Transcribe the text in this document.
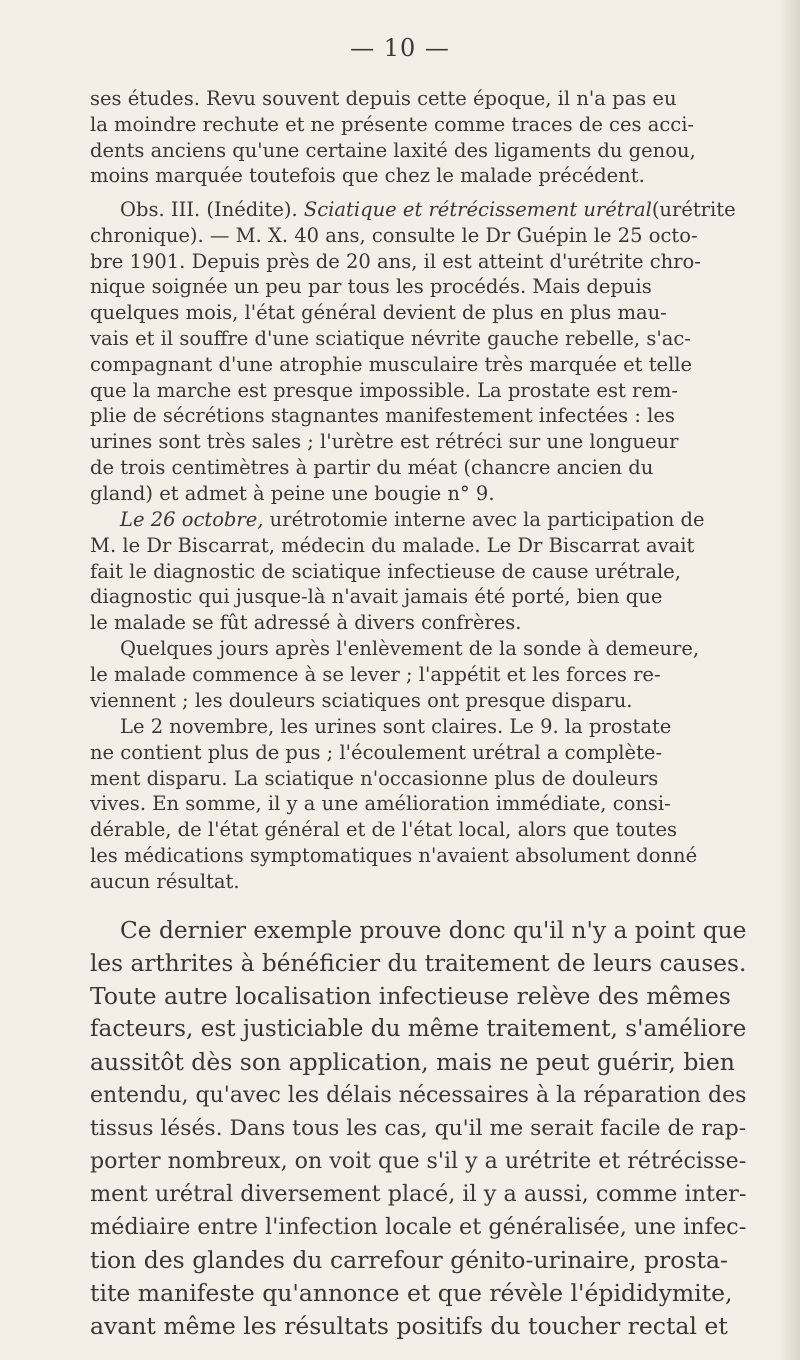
— 10 —
ses études. Revu souvent depuis cette époque, il n'a pas eu
la moindre rechute et ne présente comme traces de ces acci-
dents anciens qu'une certaine laxité des ligaments du genou,
moins marquée toutefois que chez le malade précédent.
Obs. III. (Inédite). Sciatique et rétrécissement urétral(urétrite
chronique). — M. X. 40 ans, consulte le Dr Guépin le 25 octo-
bre 1901. Depuis près de 20 ans, il est atteint d'urétrite chro-
nique soignée un peu par tous les procédés. Mais depuis
quelques mois, l'état général devient de plus en plus mau-
vais et il souffre d'une sciatique névrite gauche rebelle, s'ac-
compagnant d'une atrophie musculaire très marquée et telle
que la marche est presque impossible. La prostate est rem-
plie de sécrétions stagnantes manifestement infectées : les
urines sont très sales ; l'urètre est rétréci sur une longueur
de trois centimètres à partir du méat (chancre ancien du
gland) et admet à peine une bougie n° 9.
Le 26 octobre, urétrotomie interne avec la participation de
M. le Dr Biscarrat, médecin du malade. Le Dr Biscarrat avait
fait le diagnostic de sciatique infectieuse de cause urétrale,
diagnostic qui jusque-là n'avait jamais été porté, bien que
le malade se fût adressé à divers confrères.
Quelques jours après l'enlèvement de la sonde à demeure,
le malade commence à se lever ; l'appétit et les forces re-
viennent ; les douleurs sciatiques ont presque disparu.
Le 2 novembre, les urines sont claires. Le 9. la prostate
ne contient plus de pus ; l'écoulement urétral a complète-
ment disparu. La sciatique n'occasionne plus de douleurs
vives. En somme, il y a une amélioration immédiate, consi-
dérable, de l'état général et de l'état local, alors que toutes
les médications symptomatiques n'avaient absolument donné
aucun résultat.
Ce dernier exemple prouve donc qu'il n'y a point que
les arthrites à bénéficier du traitement de leurs causes.
Toute autre localisation infectieuse relève des mêmes
facteurs, est justiciable du même traitement, s'améliore
aussitôt dès son application, mais ne peut guérir, bien
entendu, qu'avec les délais nécessaires à la réparation des
tissus lésés. Dans tous les cas, qu'il me serait facile de rap-
porter nombreux, on voit que s'il y a urétrite et rétrécisse-
ment urétral diversement placé, il y a aussi, comme inter-
médiaire entre l'infection locale et généralisée, une infec-
tion des glandes du carrefour génito-urinaire, prosta-
tite manifeste qu'annonce et que révèle l'épididymite,
avant même les résultats positifs du toucher rectal et
